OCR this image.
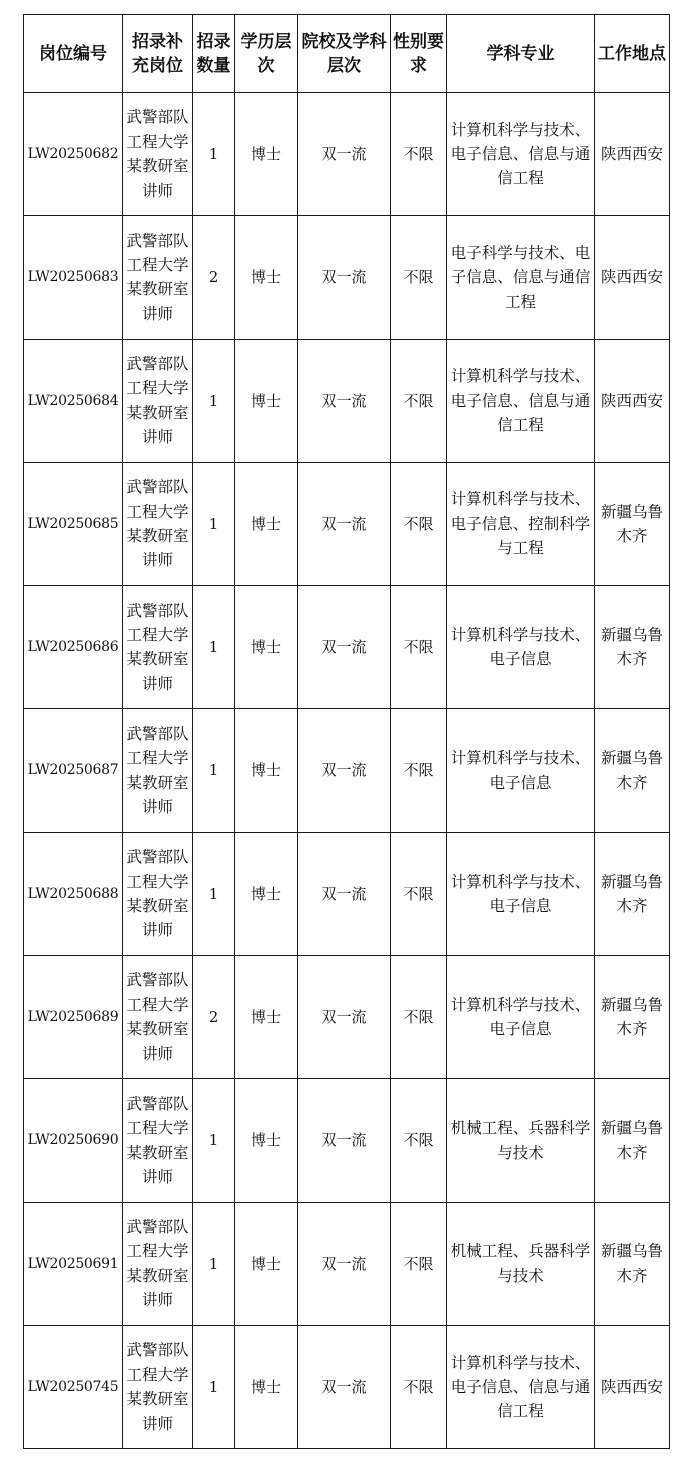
岗位编号	招录补充岗位	招录数量	学历层次	院校及学科层次	性别要求	学科专业	工作地点
LW20250682	武警部队工程大学某教研室讲师	1	博士	双一流	不限	计算机科学与技术、电子信息、信息与通信工程	陕西西安
LW20250683	武警部队工程大学某教研室讲师	2	博士	双一流	不限	电子科学与技术、电子信息、信息与通信工程	陕西西安
LW20250684	武警部队工程大学某教研室讲师	1	博士	双一流	不限	计算机科学与技术、电子信息、信息与通信工程	陕西西安
LW20250685	武警部队工程大学某教研室讲师	1	博士	双一流	不限	计算机科学与技术、电子信息、控制科学与工程	新疆乌鲁木齐
LW20250686	武警部队工程大学某教研室讲师	1	博士	双一流	不限	计算机科学与技术、电子信息	新疆乌鲁木齐
LW20250687	武警部队工程大学某教研室讲师	1	博士	双一流	不限	计算机科学与技术、电子信息	新疆乌鲁木齐
LW20250688	武警部队工程大学某教研室讲师	1	博士	双一流	不限	计算机科学与技术、电子信息	新疆乌鲁木齐
LW20250689	武警部队工程大学某教研室讲师	2	博士	双一流	不限	计算机科学与技术、电子信息	新疆乌鲁木齐
LW20250690	武警部队工程大学某教研室讲师	1	博士	双一流	不限	机械工程、兵器科学与技术	新疆乌鲁木齐
LW20250691	武警部队工程大学某教研室讲师	1	博士	双一流	不限	机械工程、兵器科学与技术	新疆乌鲁木齐
LW20250745	武警部队工程大学某教研室讲师	1	博士	双一流	不限	计算机科学与技术、电子信息、信息与通信工程	陕西西安
